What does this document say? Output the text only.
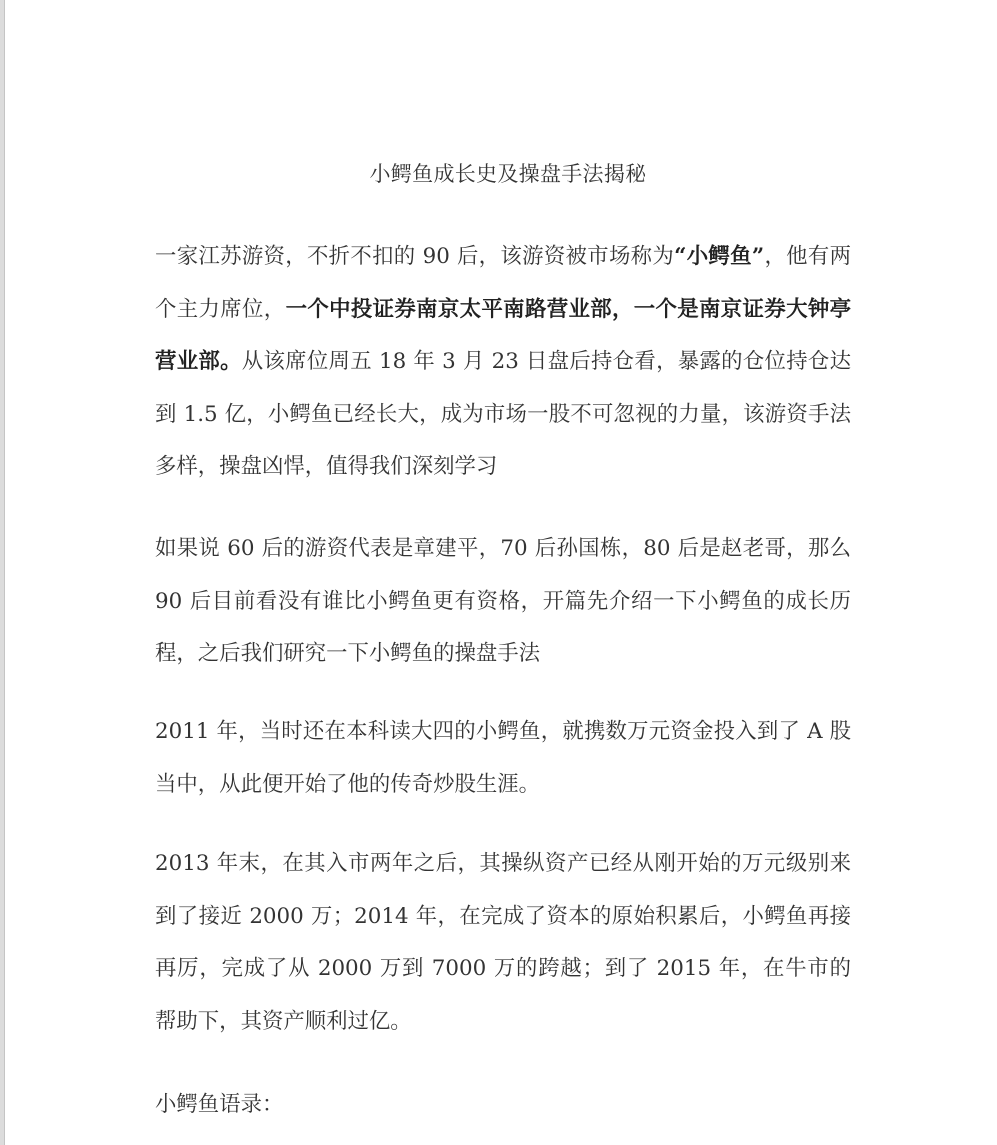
小鳄鱼成长史及操盘手法揭秘

一家江苏游资，不折不扣的 90 后，该游资被市场称为“小鳄鱼”，他有两个主力席位，一个中投证券南京太平南路营业部，一个是南京证券大钟亭营业部。从该席位周五 18 年 3 月 23 日盘后持仓看，暴露的仓位持仓达到 1.5 亿，小鳄鱼已经长大，成为市场一股不可忽视的力量，该游资手法多样，操盘凶悍，值得我们深刻学习

如果说 60 后的游资代表是章建平，70 后孙国栋，80 后是赵老哥，那么 90 后目前看没有谁比小鳄鱼更有资格，开篇先介绍一下小鳄鱼的成长历程，之后我们研究一下小鳄鱼的操盘手法

2011 年，当时还在本科读大四的小鳄鱼，就携数万元资金投入到了 A 股当中，从此便开始了他的传奇炒股生涯。

2013 年末，在其入市两年之后，其操纵资产已经从刚开始的万元级别来到了接近 2000 万；2014 年，在完成了资本的原始积累后，小鳄鱼再接再厉，完成了从 2000 万到 7000 万的跨越；到了 2015 年，在牛市的帮助下，其资产顺利过亿。

小鳄鱼语录：
